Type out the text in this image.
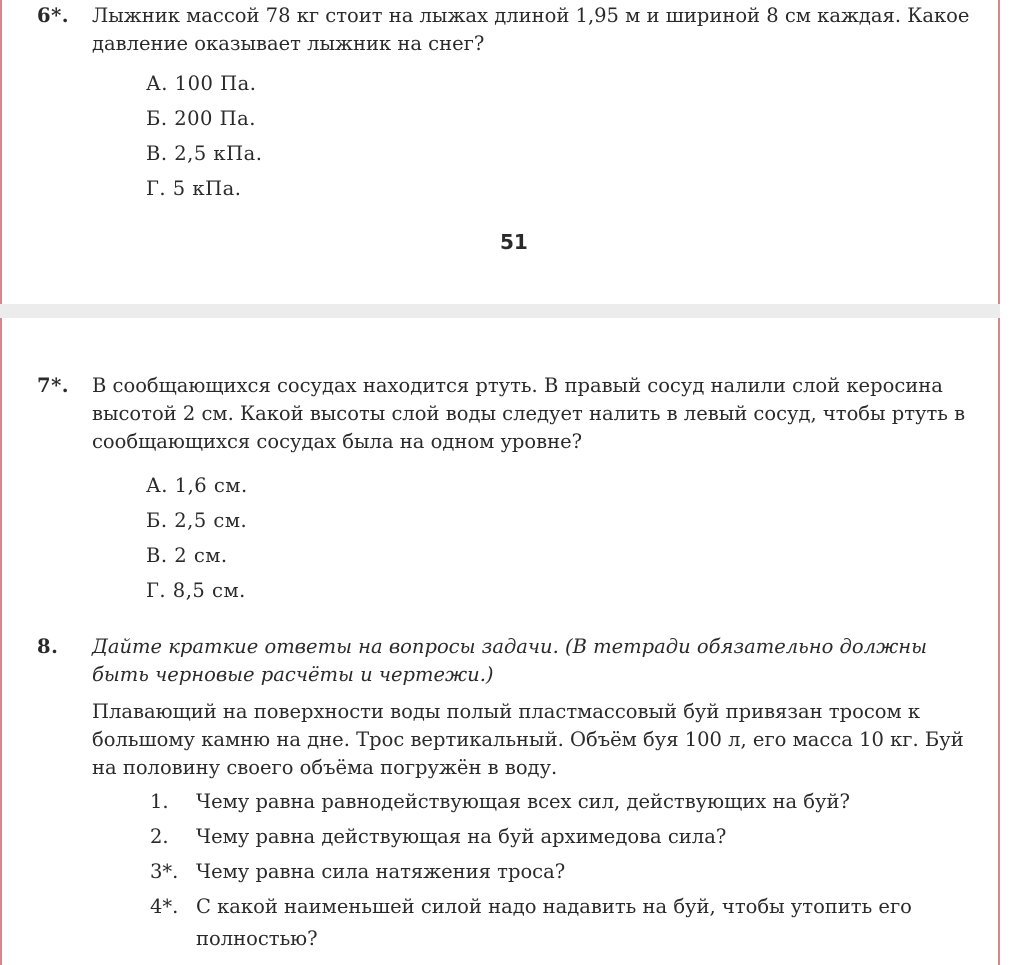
6*. Лыжник массой 78 кг стоит на лыжах длиной 1,95 м и шириной 8 см каждая. Какое давление оказывает лыжник на снег?
А. 100 Па.
Б. 200 Па.
В. 2,5 кПа.
Г. 5 кПа.
51
7*. В сообщающихся сосудах находится ртуть. В правый сосуд налили слой керосина высотой 2 см. Какой высоты слой воды следует налить в левый сосуд, чтобы ртуть в сообщающихся сосудах была на одном уровне?
А. 1,6 см.
Б. 2,5 см.
В. 2 см.
Г. 8,5 см.
8. Дайте краткие ответы на вопросы задачи. (В тетради обязательно должны быть черновые расчёты и чертежи.)
Плавающий на поверхности воды полый пластмассовый буй привязан тросом к большому камню на дне. Трос вертикальный. Объём буя 100 л, его масса 10 кг. Буй на половину своего объёма погружён в воду.
1. Чему равна равнодействующая всех сил, действующих на буй?
2. Чему равна действующая на буй архимедова сила?
3*. Чему равна сила натяжения троса?
4*. С какой наименьшей силой надо надавить на буй, чтобы утопить его полностью?
